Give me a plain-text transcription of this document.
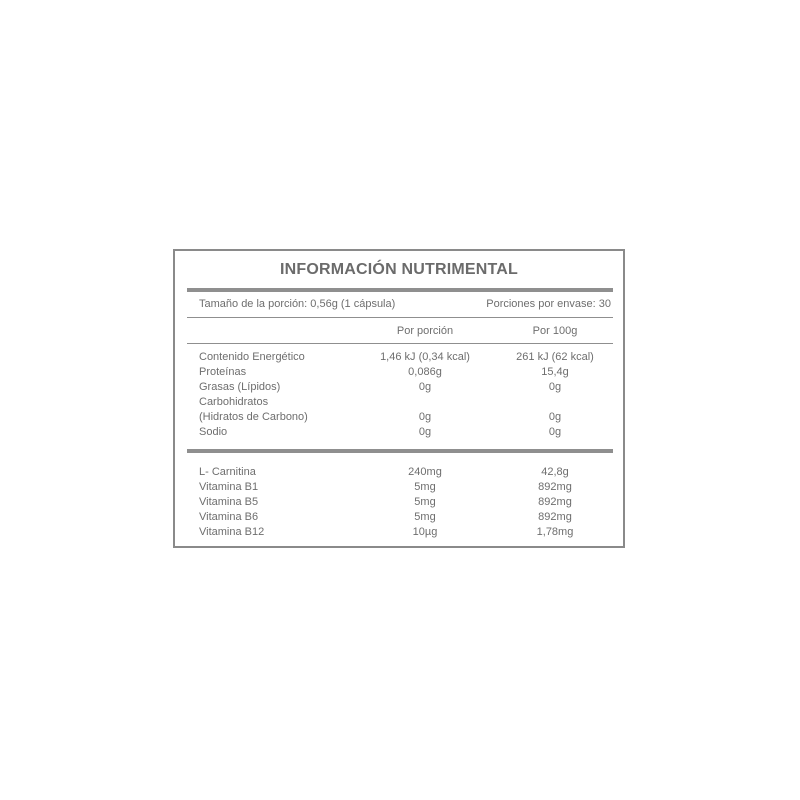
INFORMACIÓN NUTRIMENTAL
Tamaño de la porción: 0,56g (1 cápsula)	Porciones por envase: 30
Por porción	Por 100g
Contenido Energético	1,46 kJ (0,34 kcal)	261 kJ (62 kcal)
Proteínas	0,086g	15,4g
Grasas (Lípidos)	0g	0g
Carbohidratos
(Hidratos de Carbono)	0g	0g
Sodio	0g	0g
L- Carnitina	240mg	42,8g
Vitamina B1	5mg	892mg
Vitamina B5	5mg	892mg
Vitamina B6	5mg	892mg
Vitamina B12	10µg	1,78mg
